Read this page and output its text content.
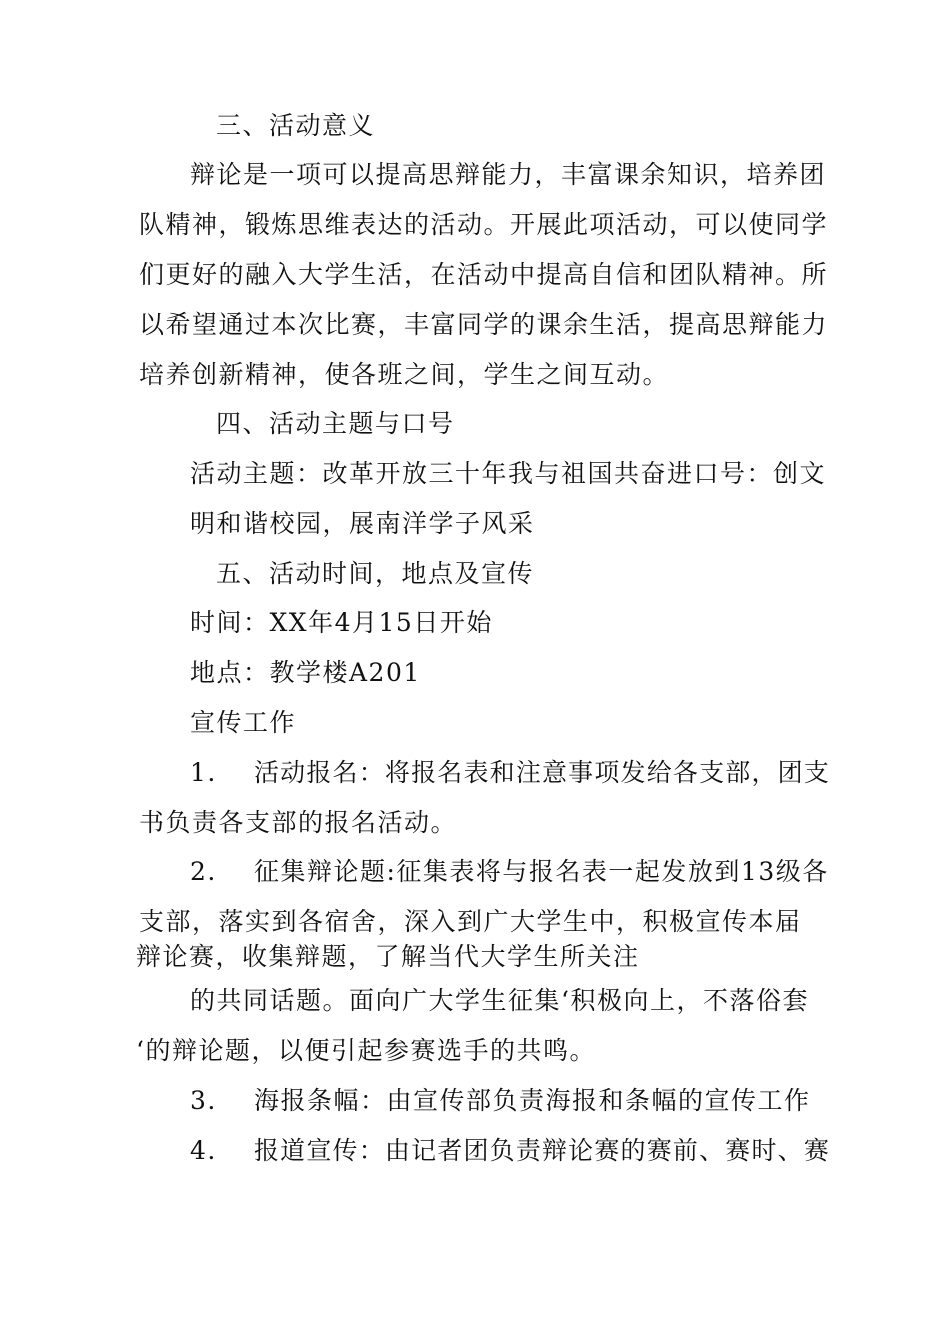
三、活动意义
辩论是一项可以提高思辩能力，丰富课余知识，培养团
队精神，锻炼思维表达的活动。开展此项活动，可以使同学
们更好的融入大学生活，在活动中提高自信和团队精神。所
以希望通过本次比赛，丰富同学的课余生活，提高思辩能力
培养创新精神，使各班之间，学生之间互动。
四、活动主题与口号
活动主题：改革开放三十年我与祖国共奋进口号：创文
明和谐校园，展南洋学子风采
五、活动时间，地点及宣传
时间：XX年4月15日开始
地点：教学楼A201
宣传工作
1. 活动报名：将报名表和注意事项发给各支部，团支
书负责各支部的报名活动。
2. 征集辩论题:征集表将与报名表一起发放到13级各
支部，落实到各宿舍，深入到广大学生中，积极宣传本届
辩论赛，收集辩题，了解当代大学生所关注
的共同话题。面向广大学生征集‘积极向上，不落俗套
‘的辩论题，以便引起参赛选手的共鸣。
3. 海报条幅：由宣传部负责海报和条幅的宣传工作
4. 报道宣传：由记者团负责辩论赛的赛前、赛时、赛
